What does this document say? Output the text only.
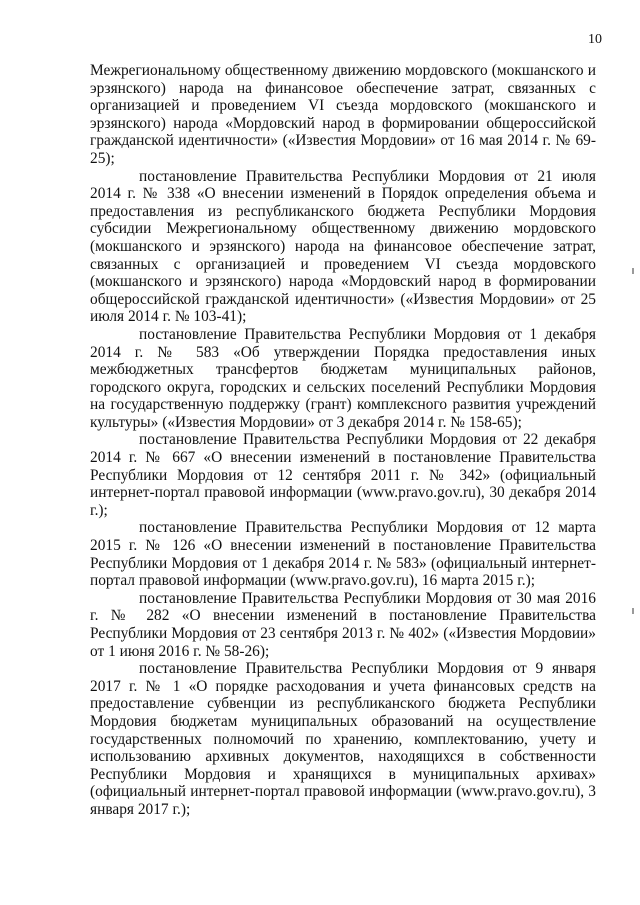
10

Межрегиональному общественному движению мордовского (мокшанского и эрзянского) народа на финансовое обеспечение затрат, связанных с организацией и проведением VI съезда мордовского (мокшанского и эрзянского) народа «Мордовский народ в формировании общероссийской гражданской идентичности» («Известия Мордовии» от 16 мая 2014 г. № 69-25);

постановление Правительства Республики Мордовия от 21 июля 2014 г. № 338 «О внесении изменений в Порядок определения объема и предоставления из республиканского бюджета Республики Мордовия субсидии Межрегиональному общественному движению мордовского (мокшанского и эрзянского) народа на финансовое обеспечение затрат, связанных с организацией и проведением VI съезда мордовского (мокшанского и эрзянского) народа «Мордовский народ в формировании общероссийской гражданской идентичности» («Известия Мордовии» от 25 июля 2014 г. № 103-41);

постановление Правительства Республики Мордовия от 1 декабря 2014 г. № 583 «Об утверждении Порядка предоставления иных межбюджетных трансфертов бюджетам муниципальных районов, городского округа, городских и сельских поселений Республики Мордовия на государственную поддержку (грант) комплексного развития учреждений культуры» («Известия Мордовии» от 3 декабря 2014 г. № 158-65);

постановление Правительства Республики Мордовия от 22 декабря 2014 г. № 667 «О внесении изменений в постановление Правительства Республики Мордовия от 12 сентября 2011 г. № 342» (официальный интернет-портал правовой информации (www.pravo.gov.ru), 30 декабря 2014 г.);

постановление Правительства Республики Мордовия от 12 марта 2015 г. № 126 «О внесении изменений в постановление Правительства Республики Мордовия от 1 декабря 2014 г. № 583» (официальный интернет-портал правовой информации (www.pravo.gov.ru), 16 марта 2015 г.);

постановление Правительства Республики Мордовия от 30 мая 2016 г. № 282 «О внесении изменений в постановление Правительства Республики Мордовия от 23 сентября 2013 г. № 402» («Известия Мордовии» от 1 июня 2016 г. № 58-26);

постановление Правительства Республики Мордовия от 9 января 2017 г. № 1 «О порядке расходования и учета финансовых средств на предоставление субвенции из республиканского бюджета Республики Мордовия бюджетам муниципальных образований на осуществление государственных полномочий по хранению, комплектованию, учету и использованию архивных документов, находящихся в собственности Республики Мордовия и хранящихся в муниципальных архивах» (официальный интернет-портал правовой информации (www.pravo.gov.ru), 3 января 2017 г.);
